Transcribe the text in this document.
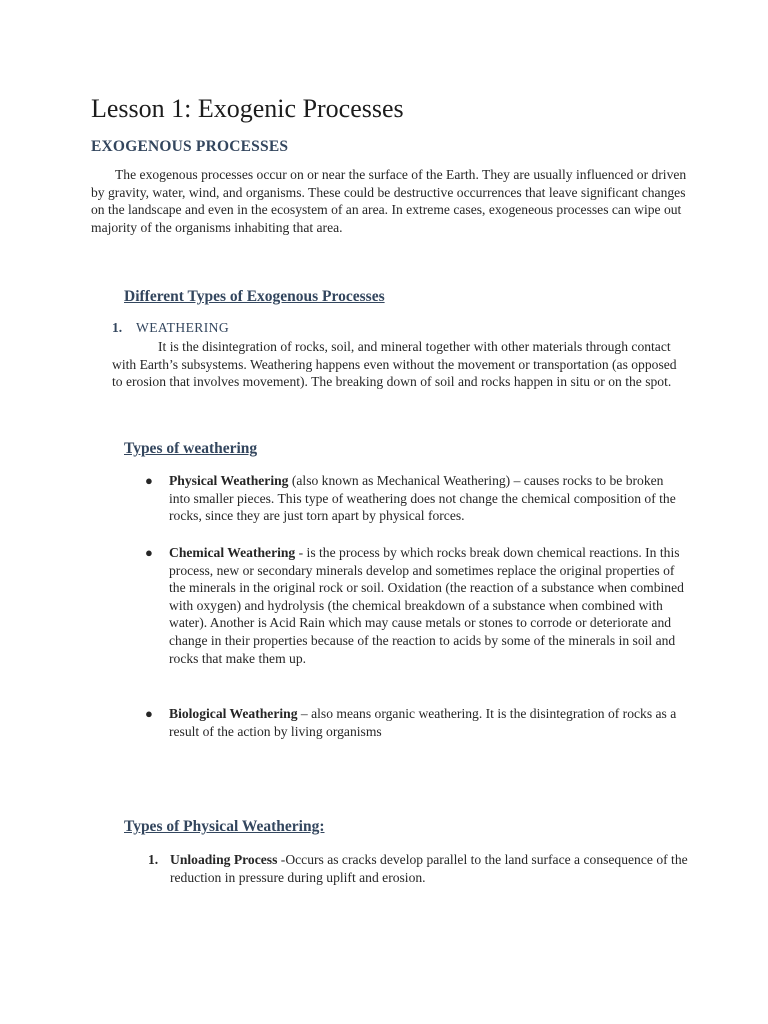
Lesson 1: Exogenic Processes
EXOGENOUS PROCESSES

The exogenous processes occur on or near the surface of the Earth. They are usually influenced or driven by gravity, water, wind, and organisms. These could be destructive occurrences that leave significant changes on the landscape and even in the ecosystem of an area. In extreme cases, exogeneous processes can wipe out majority of the organisms inhabiting that area.

Different Types of Exogenous Processes
1. WEATHERING

It is the disintegration of rocks, soil, and mineral together with other materials through contact with Earth’s subsystems. Weathering happens even without the movement or transportation (as opposed to erosion that involves movement). The breaking down of soil and rocks happen in situ or on the spot.

Types of weathering
● Physical Weathering (also known as Mechanical Weathering) – causes rocks to be broken into smaller pieces. This type of weathering does not change the chemical composition of the rocks, since they are just torn apart by physical forces.
● Chemical Weathering - is the process by which rocks break down chemical reactions. In this process, new or secondary minerals develop and sometimes replace the original properties of the minerals in the original rock or soil. Oxidation (the reaction of a substance when combined with oxygen) and hydrolysis (the chemical breakdown of a substance when combined with water). Another is Acid Rain which may cause metals or stones to corrode or deteriorate and change in their properties because of the reaction to acids by some of the minerals in soil and rocks that make them up.
● Biological Weathering – also means organic weathering. It is the disintegration of rocks as a result of the action by living organisms
Types of Physical Weathering:
1. Unloading Process -Occurs as cracks develop parallel to the land surface a consequence of the reduction in pressure during uplift and erosion.
